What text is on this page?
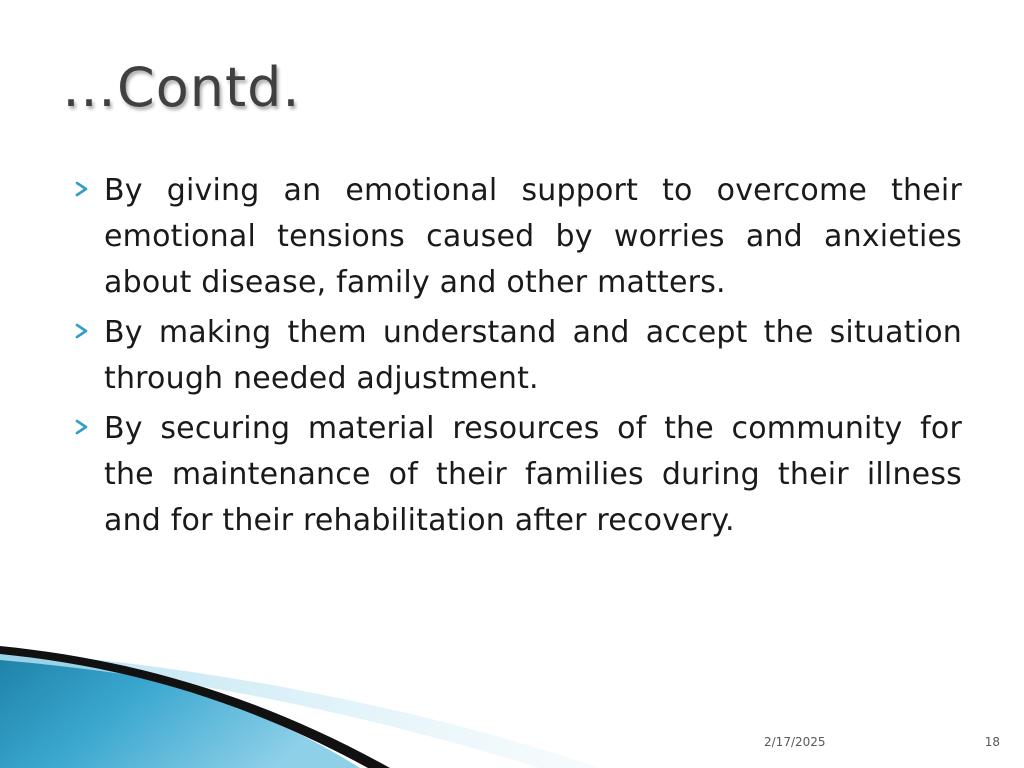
…Contd.
By giving an emotional support to overcome their emotional tensions caused by worries and anxieties about disease, family and other matters.
By making them understand and accept the situation through needed adjustment.
By securing material resources of the community for the maintenance of their families during their illness and for their rehabilitation after recovery.
2/17/2025	18
